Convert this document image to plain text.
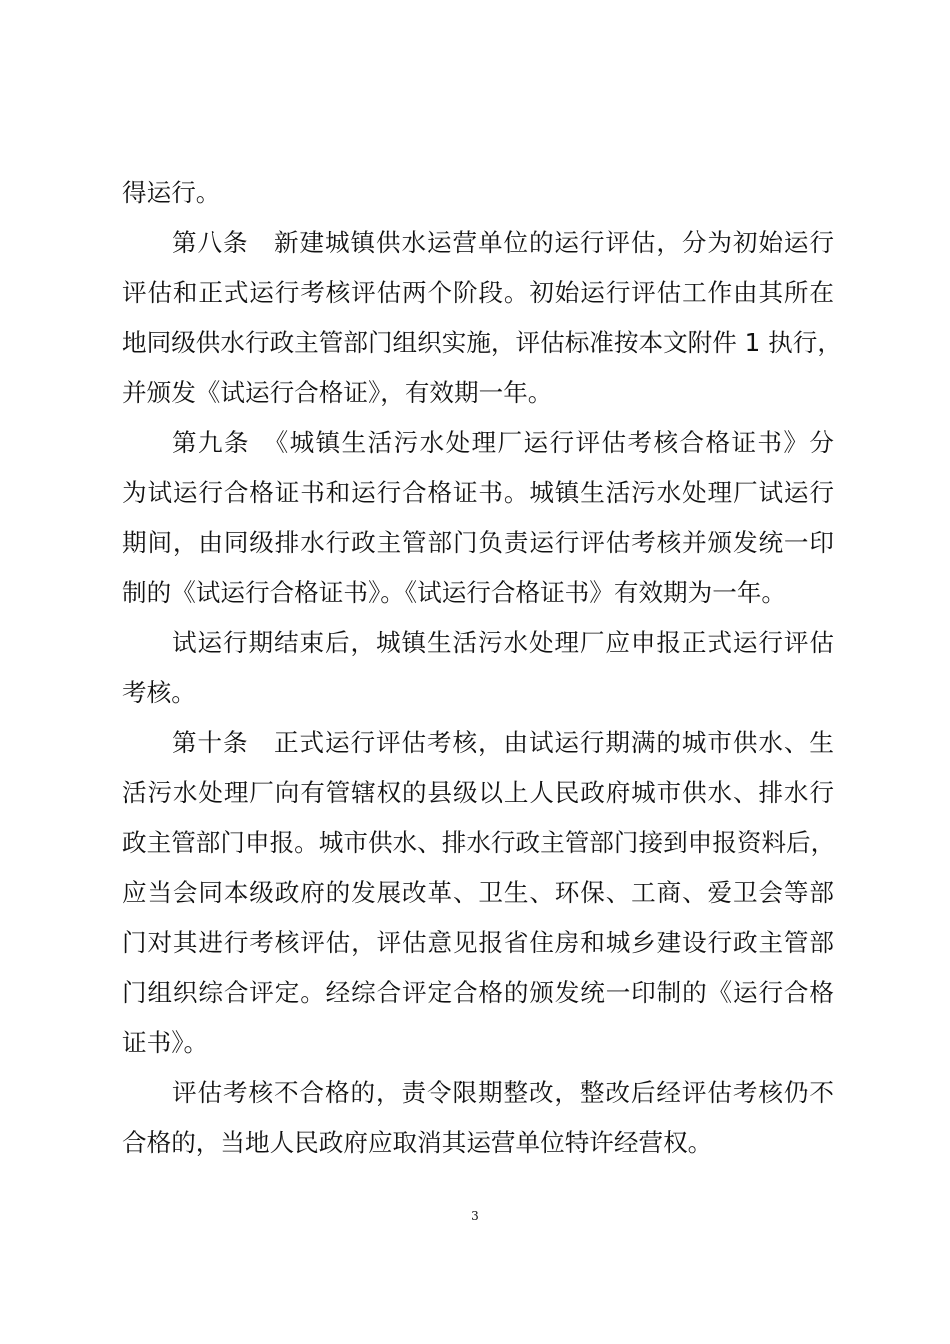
得运行。
第八条　新建城镇供水运营单位的运行评估，分为初始运行
评估和正式运行考核评估两个阶段。初始运行评估工作由其所在
地同级供水行政主管部门组织实施，评估标准按本文附件 1 执行，
并颁发《试运行合格证》，有效期一年。
第九条　《城镇生活污水处理厂运行评估考核合格证书》分
为试运行合格证书和运行合格证书。城镇生活污水处理厂试运行
期间，由同级排水行政主管部门负责运行评估考核并颁发统一印
制的《试运行合格证书》。《试运行合格证书》有效期为一年。
试运行期结束后，城镇生活污水处理厂应申报正式运行评估
考核。
第十条　正式运行评估考核，由试运行期满的城市供水、生
活污水处理厂向有管辖权的县级以上人民政府城市供水、排水行
政主管部门申报。城市供水、排水行政主管部门接到申报资料后，
应当会同本级政府的发展改革、卫生、环保、工商、爱卫会等部
门对其进行考核评估，评估意见报省住房和城乡建设行政主管部
门组织综合评定。经综合评定合格的颁发统一印制的《运行合格
证书》。
评估考核不合格的，责令限期整改，整改后经评估考核仍不
合格的，当地人民政府应取消其运营单位特许经营权。
3
